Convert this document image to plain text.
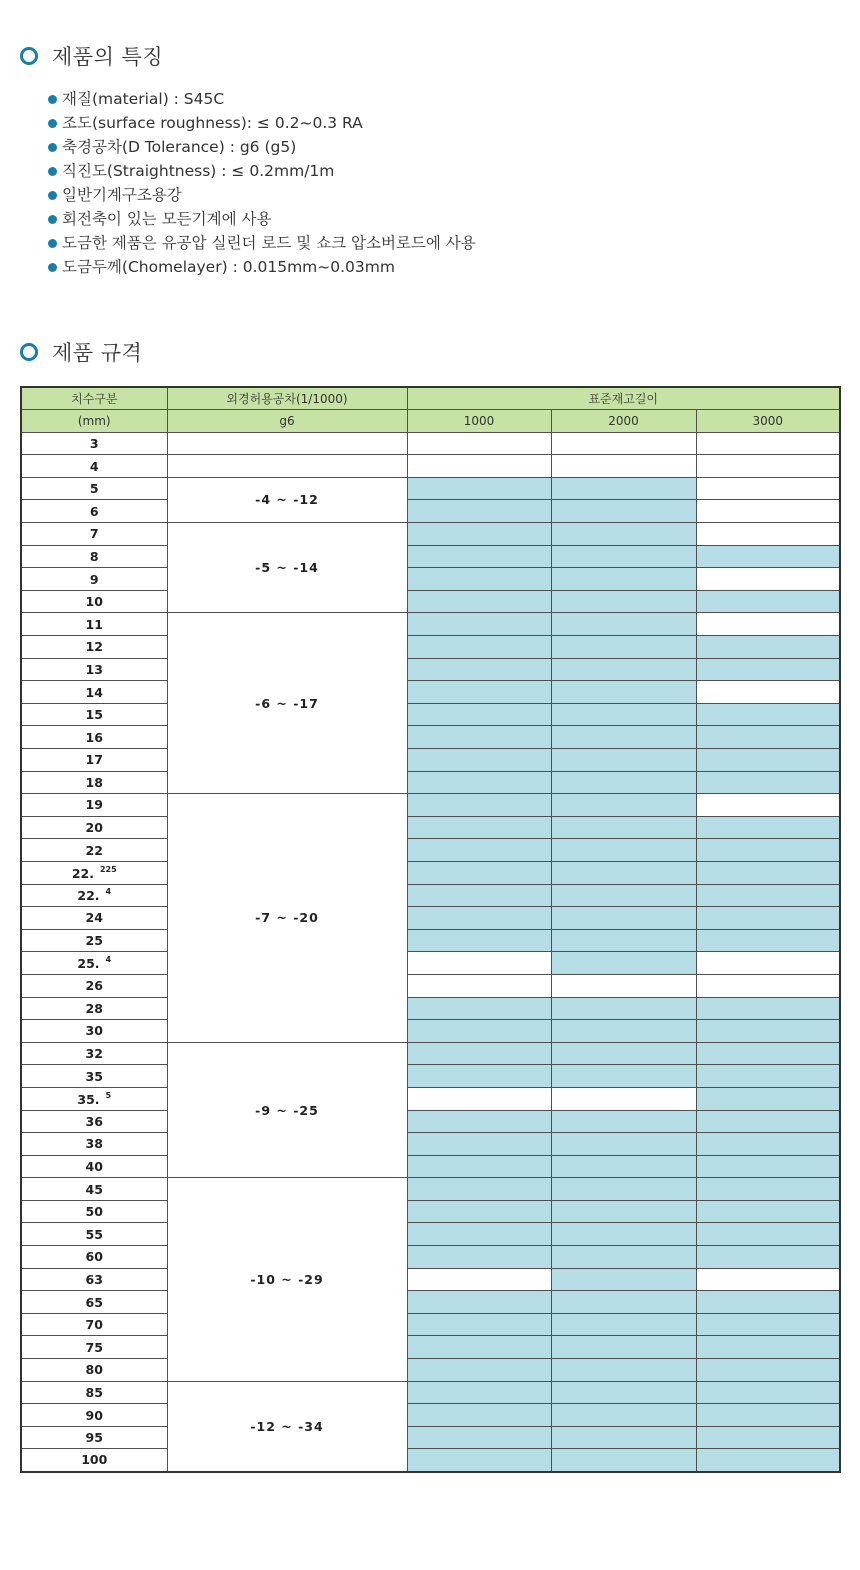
제품의 특징
재질(material) : S45C
조도(surface roughness): ≤ 0.2~0.3 RA
축경공차(D Tolerance) : g6 (g5)
직진도(Straightness) : ≤ 0.2mm/1m
일반기계구조용강
회전축이 있는 모든기계에 사용
도금한 제품은 유공압 실린더 로드 및 쇼크 압소버로드에 사용
도금두께(Chomelayer) : 0.015mm~0.03mm
제품 규격
치수구분	외경허용공차(1/1000)	표준재고길이		
(mm)	g6	1000	2000	3000
3				
4				
5	-4 ~ -12			
6				
7	-5 ~ -14			
8				
9				
10				
11	-6 ~ -17			
12				
13				
14				
15				
16				
17				
18				
19	-7 ~ -20			
20				
22				
22. $^{225}$			
22. $^4$			
24				
25				
25. $^4$			
26				
28				
30				
32	-9 ~ -25			
35				
35. $^5$			
36				
38				
40				
45	-10 ~ -29			
50				
55				
60				
63				
65				
70				
75				
80				
85	-12 ~ -34			
90				
95				
100				
